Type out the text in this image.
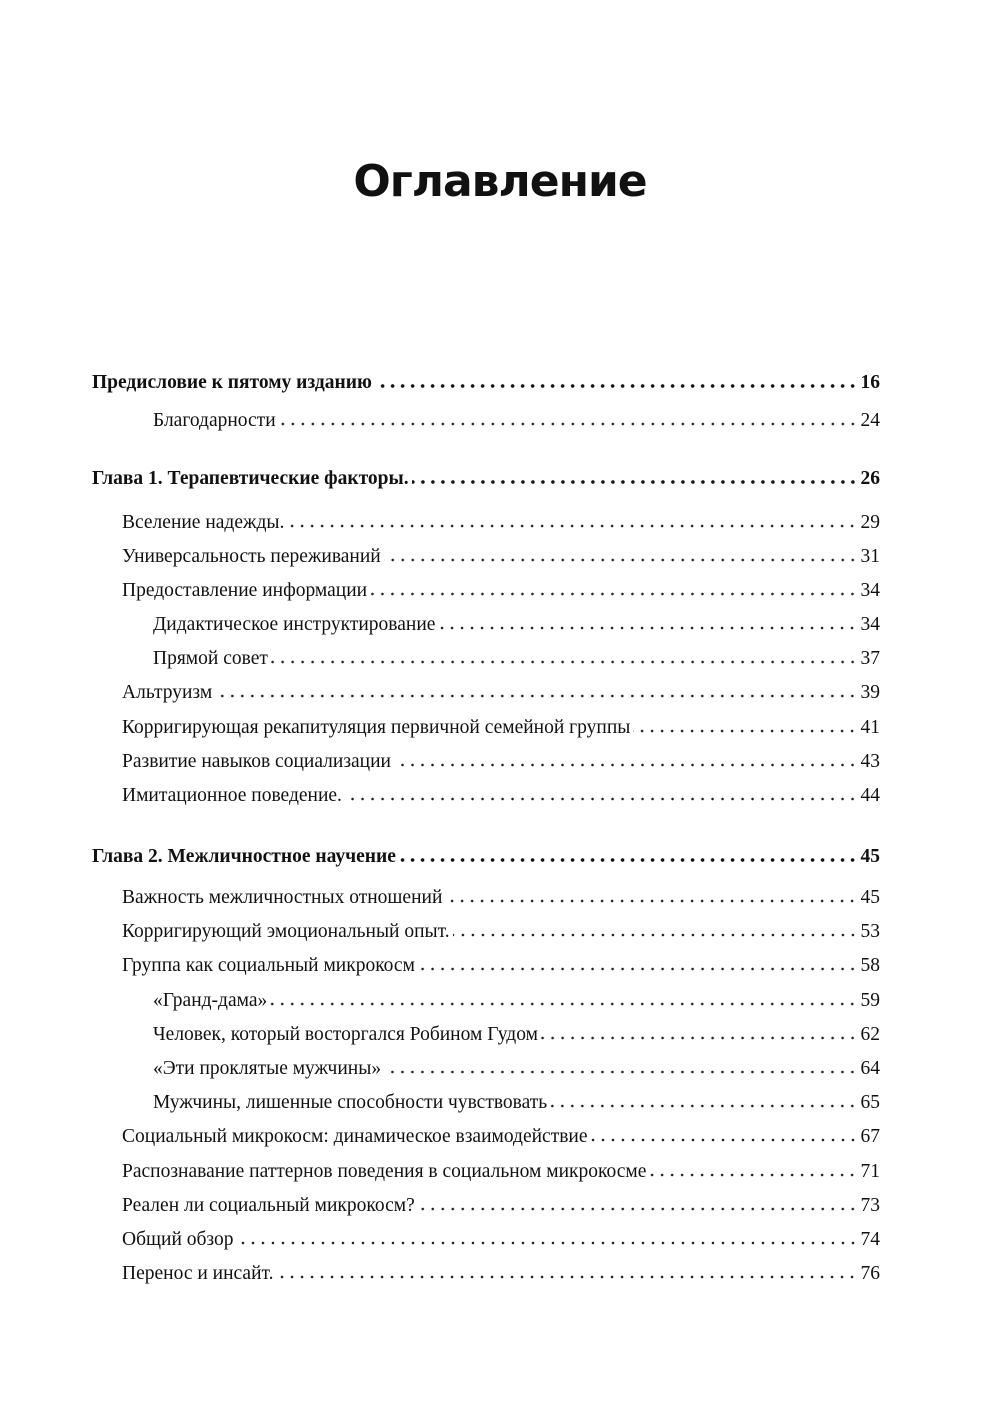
Оглавление
Предисловие к пятому изданию	16
Благодарности	24
Глава 1. Терапевтические факторы.	26
Вселение надежды.	29
Универсальность переживаний	31
Предоставление информации	34
Дидактическое инструктирование	34
Прямой совет	37
Альтруизм	39
Корригирующая рекапитуляция первичной семейной группы	41
Развитие навыков социализации	43
Имитационное поведение.	44
Глава 2. Межличностное научение	45
Важность межличностных отношений	45
Корригирующий эмоциональный опыт.	53
Группа как социальный микрокосм	58
«Гранд-дама»	59
Человек, который восторгался Робином Гудом	62
«Эти проклятые мужчины»	64
Мужчины, лишенные способности чувствовать	65
Социальный микрокосм: динамическое взаимодействие	67
Распознавание паттернов поведения в социальном микрокосме	71
Реален ли социальный микрокосм?	73
Общий обзор	74
Перенос и инсайт.	76
